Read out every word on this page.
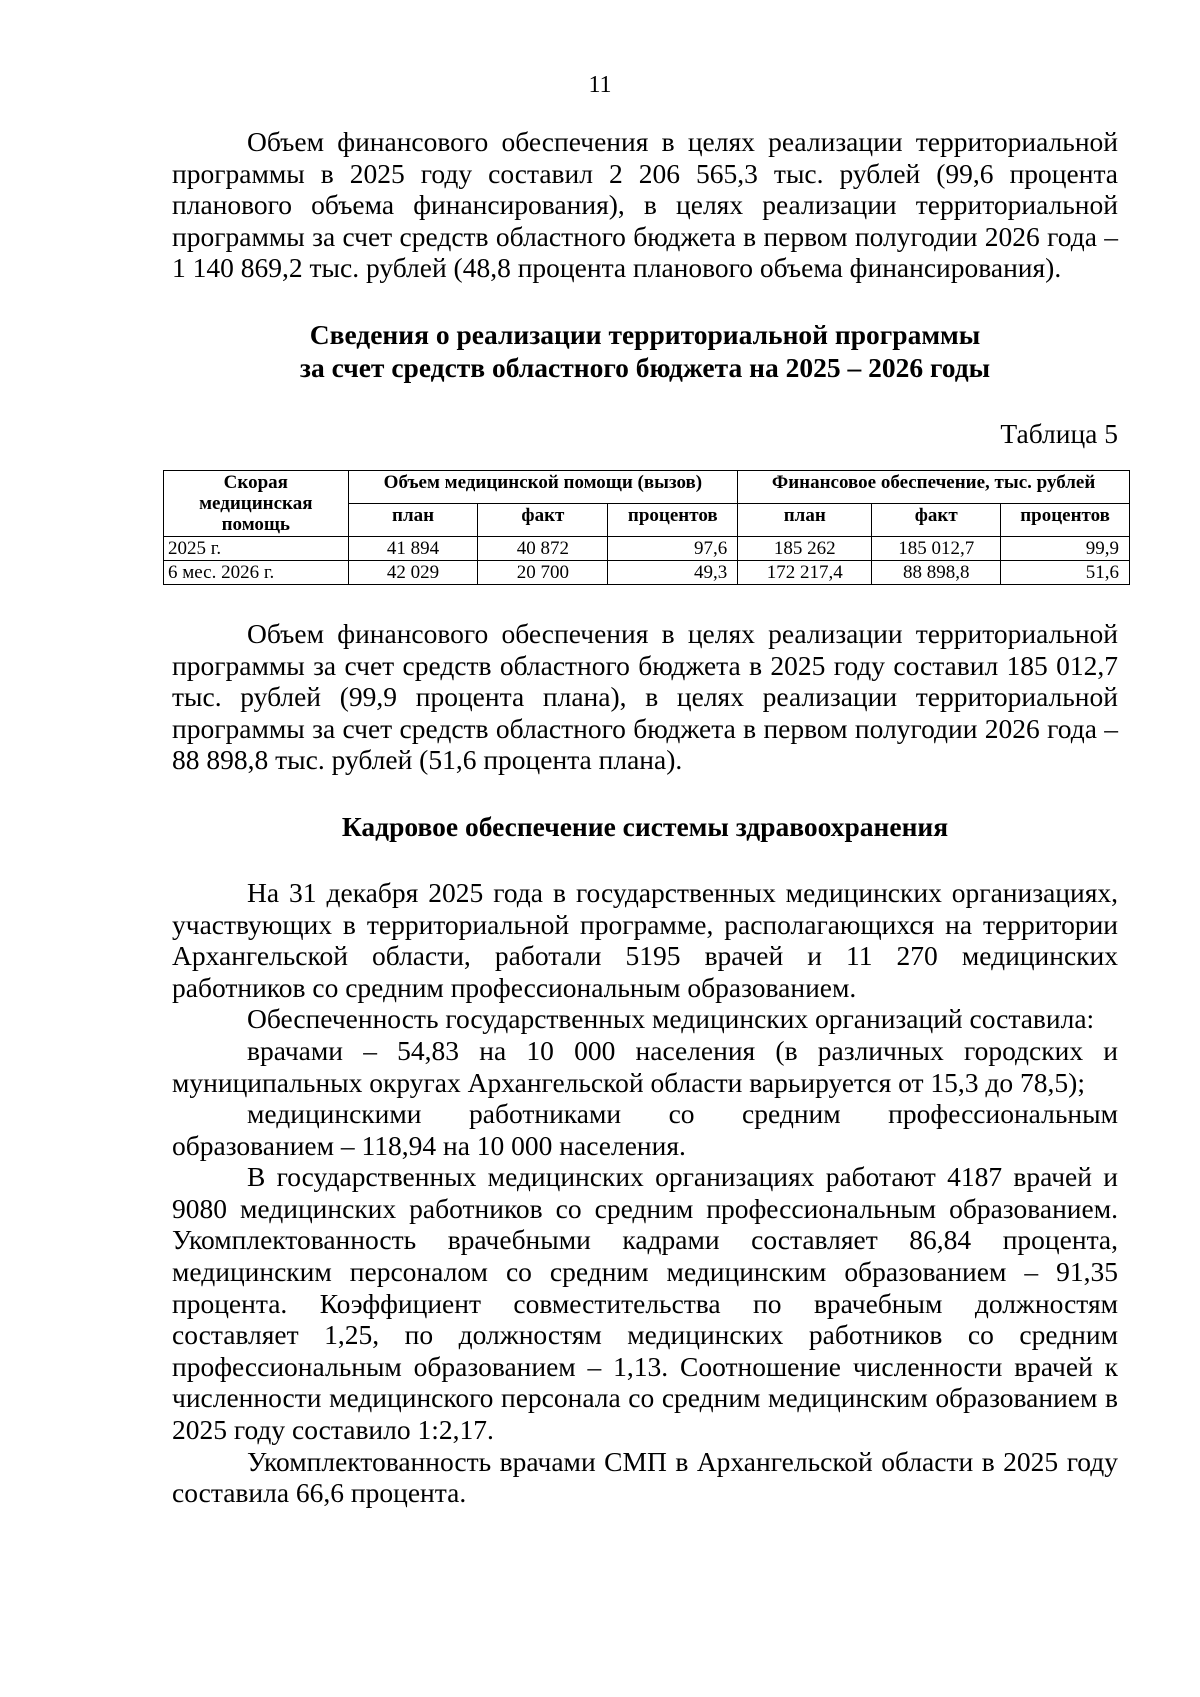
11

Объем финансового обеспечения в целях реализации территориальной программы в 2025 году составил 2 206 565,3 тыс. рублей (99,6 процента планового объема финансирования), в целях реализации территориальной программы за счет средств областного бюджета в первом полугодии 2026 года – 1 140 869,2 тыс. рублей (48,8 процента планового объема финансирования).

Сведения о реализации территориальной программы
за счет средств областного бюджета на 2025 – 2026 годы
Таблица 5
Скорая медицинская помощь	Объем медицинской помощи (вызов)			Финансовое обеспечение, тыс. рублей		
	план	факт	процентов	план	факт	процентов
2025 г.	41 894	40 872	97,6	185 262	185 012,7	99,9
6 мес. 2026 г.	42 029	20 700	49,3	172 217,4	88 898,8	51,6

Объем финансового обеспечения в целях реализации территориальной программы за счет средств областного бюджета в 2025 году составил 185 012,7 тыс. рублей (99,9 процента плана), в целях реализации территориальной программы за счет средств областного бюджета в первом полугодии 2026 года – 88 898,8 тыс. рублей (51,6 процента плана).

Кадровое обеспечение системы здравоохранения

На 31 декабря 2025 года в государственных медицинских организациях, участвующих в территориальной программе, располагающихся на территории Архангельской области, работали 5195 врачей и 11 270 медицинских работников со средним профессиональным образованием.

Обеспеченность государственных медицинских организаций составила:

врачами – 54,83 на 10 000 населения (в различных городских и муниципальных округах Архангельской области варьируется от 15,3 до 78,5);

медицинскими работниками со средним профессиональным образованием – 118,94 на 10 000 населения.

В государственных медицинских организациях работают 4187 врачей и 9080 медицинских работников со средним профессиональным образованием. Укомплектованность врачебными кадрами составляет 86,84 процента, медицинским персоналом со средним медицинским образованием – 91,35 процента. Коэффициент совместительства по врачебным должностям составляет 1,25, по должностям медицинских работников со средним профессиональным образованием – 1,13. Соотношение численности врачей к численности медицинского персонала со средним медицинским образованием в 2025 году составило 1:2,17.

Укомплектованность врачами СМП в Архангельской области в 2025 году составила 66,6 процента.
